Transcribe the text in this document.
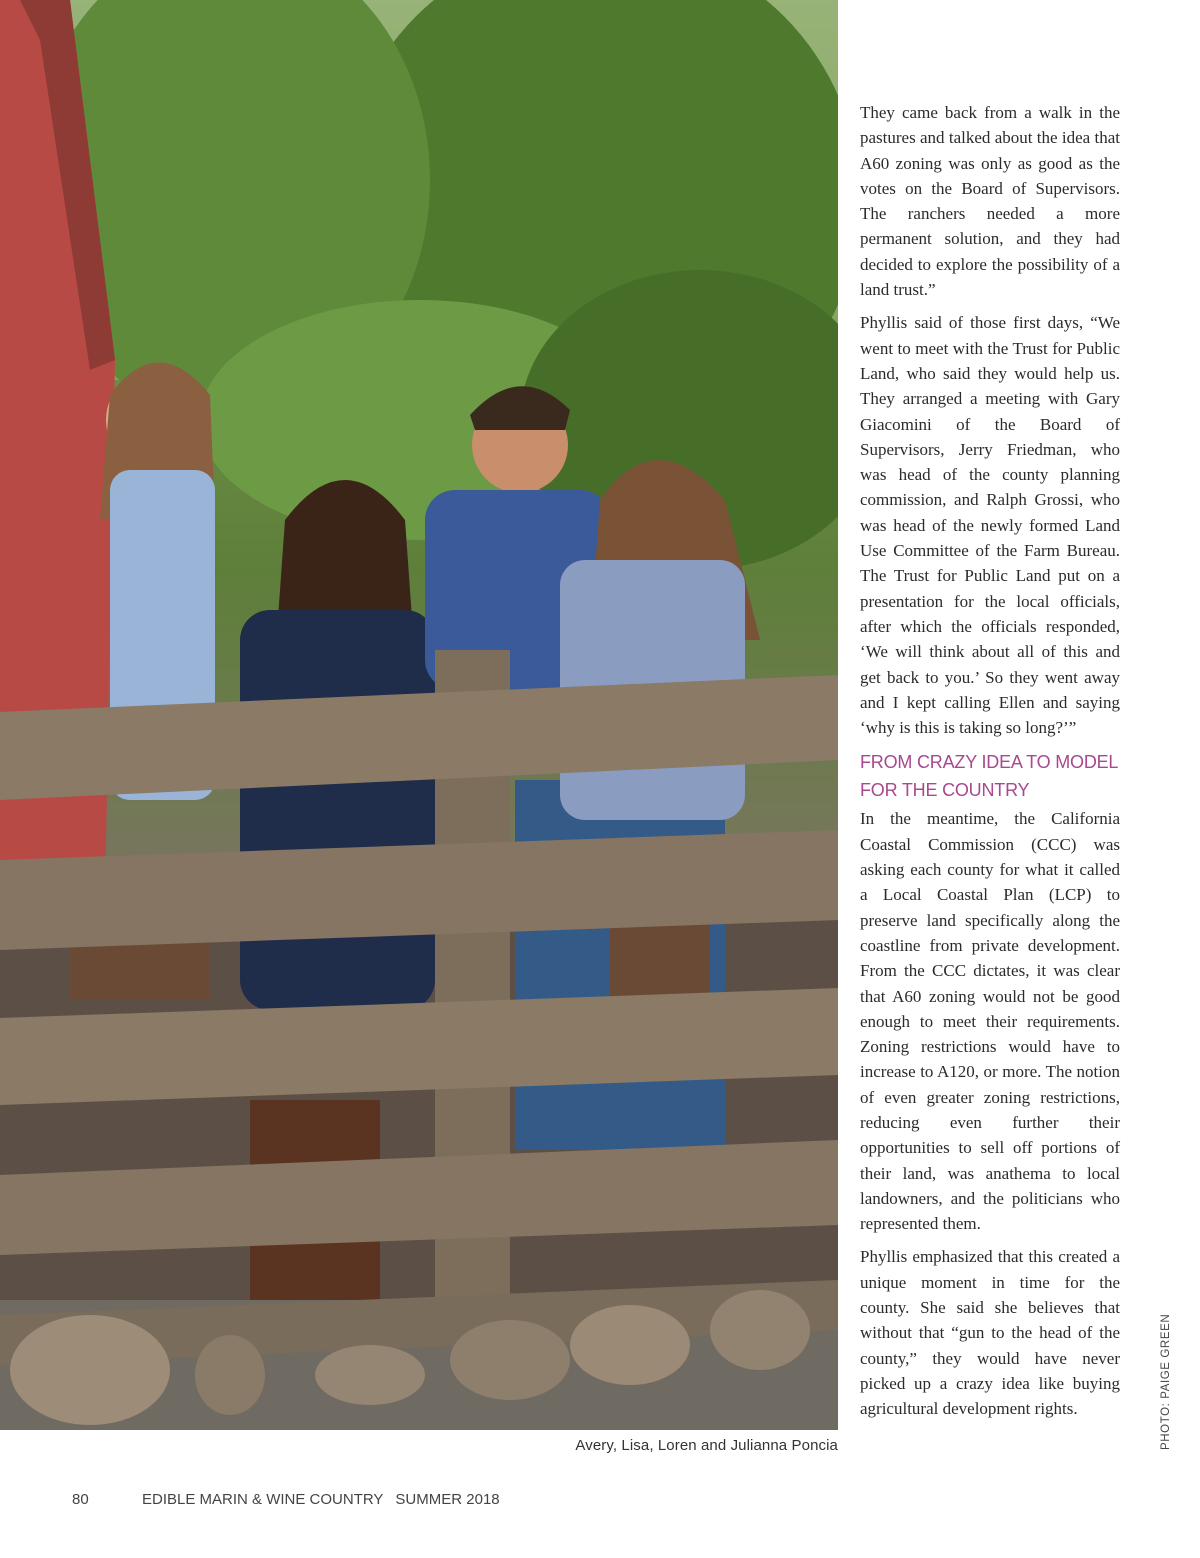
Avery, Lisa, Loren and Julianna Poncia

They came back from a walk in the pastures and talked about the idea that A60 zoning was only as good as the votes on the Board of Supervisors. The ranchers needed a more permanent solution, and they had decided to explore the possibility of a land trust.”

Phyllis said of those first days, “We went to meet with the Trust for Public Land, who said they would help us. They arranged a meeting with Gary Giacomini of the Board of Supervisors, Jerry Friedman, who was head of the county planning commission, and Ralph Grossi, who was head of the newly formed Land Use Committee of the Farm Bureau. The Trust for Public Land put on a presentation for the local officials, after which the officials responded, ‘We will think about all of this and get back to you.’ So they went away and I kept calling Ellen and saying ‘why is this is taking so long?’”

FROM CRAZY IDEA TO MODEL FOR THE COUNTRY

In the meantime, the California Coastal Commission (CCC) was asking each county for what it called a Local Coastal Plan (LCP) to preserve land specifically along the coastline from private development. From the CCC dictates, it was clear that A60 zoning would not be good enough to meet their requirements. Zoning restrictions would have to increase to A120, or more. The notion of even greater zoning restrictions, reducing even further their opportunities to sell off portions of their land, was anathema to local landowners, and the politicians who represented them.

Phyllis emphasized that this created a unique moment in time for the county. She said she believes that without that “gun to the head of the county,” they would have never picked up a crazy idea like buying agricultural development rights.	PHOTO: PAIGE GREEN
80	EDIBLE MARIN & WINE COUNTRY SUMMER 2018
